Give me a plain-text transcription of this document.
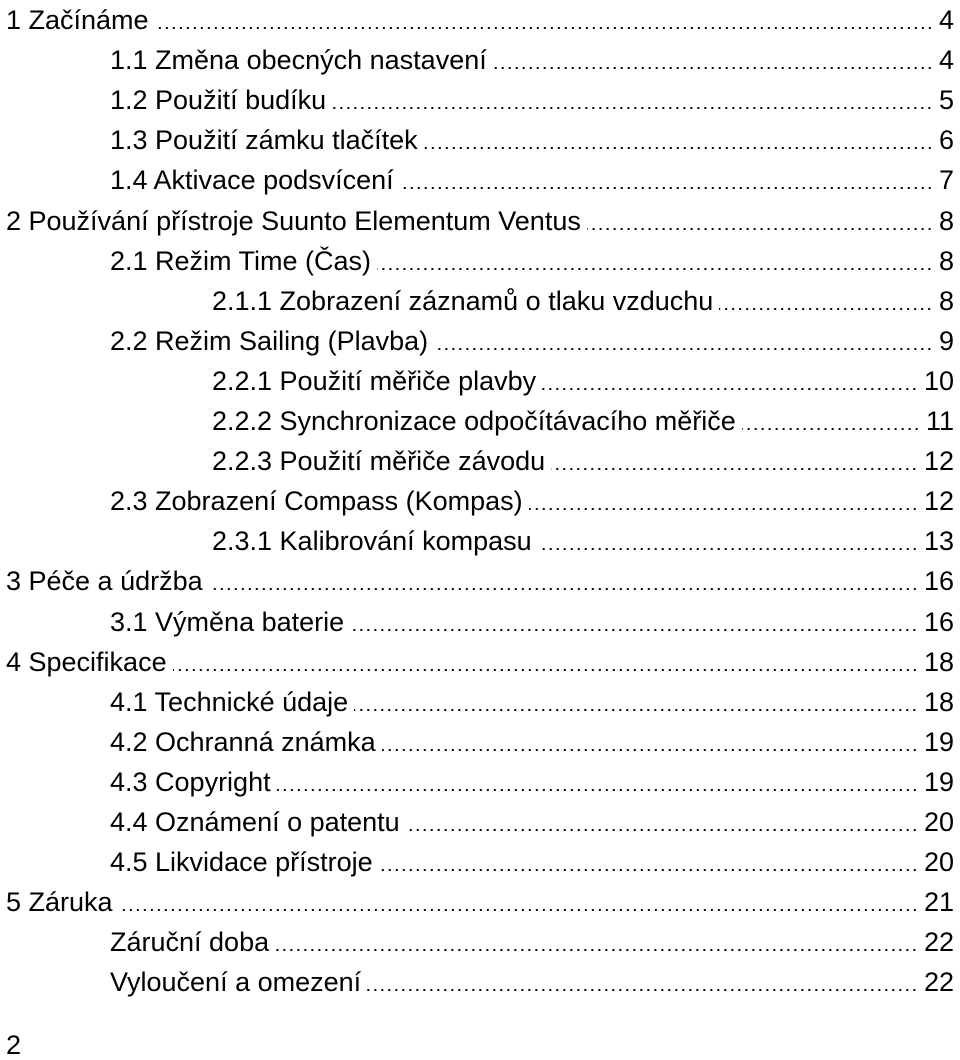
1 Začínáme	4
1.1 Změna obecných nastavení	4
1.2 Použití budíku	5
1.3 Použití zámku tlačítek	6
1.4 Aktivace podsvícení	7
2 Používání přístroje Suunto Elementum Ventus	8
2.1 Režim Time (Čas)	8
2.1.1 Zobrazení záznamů o tlaku vzduchu	8
2.2 Režim Sailing (Plavba)	9
2.2.1 Použití měřiče plavby	10
2.2.2 Synchronizace odpočítávacího měřiče	11
2.2.3 Použití měřiče závodu	12
2.3 Zobrazení Compass (Kompas)	12
2.3.1 Kalibrování kompasu	13
3 Péče a údržba	16
3.1 Výměna baterie	16
4 Specifikace	18
4.1 Technické údaje	18
4.2 Ochranná známka	19
4.3 Copyright	19
4.4 Oznámení o patentu	20
4.5 Likvidace přístroje	20
5 Záruka	21
Záruční doba	22
Vyloučení a omezení	22
2
